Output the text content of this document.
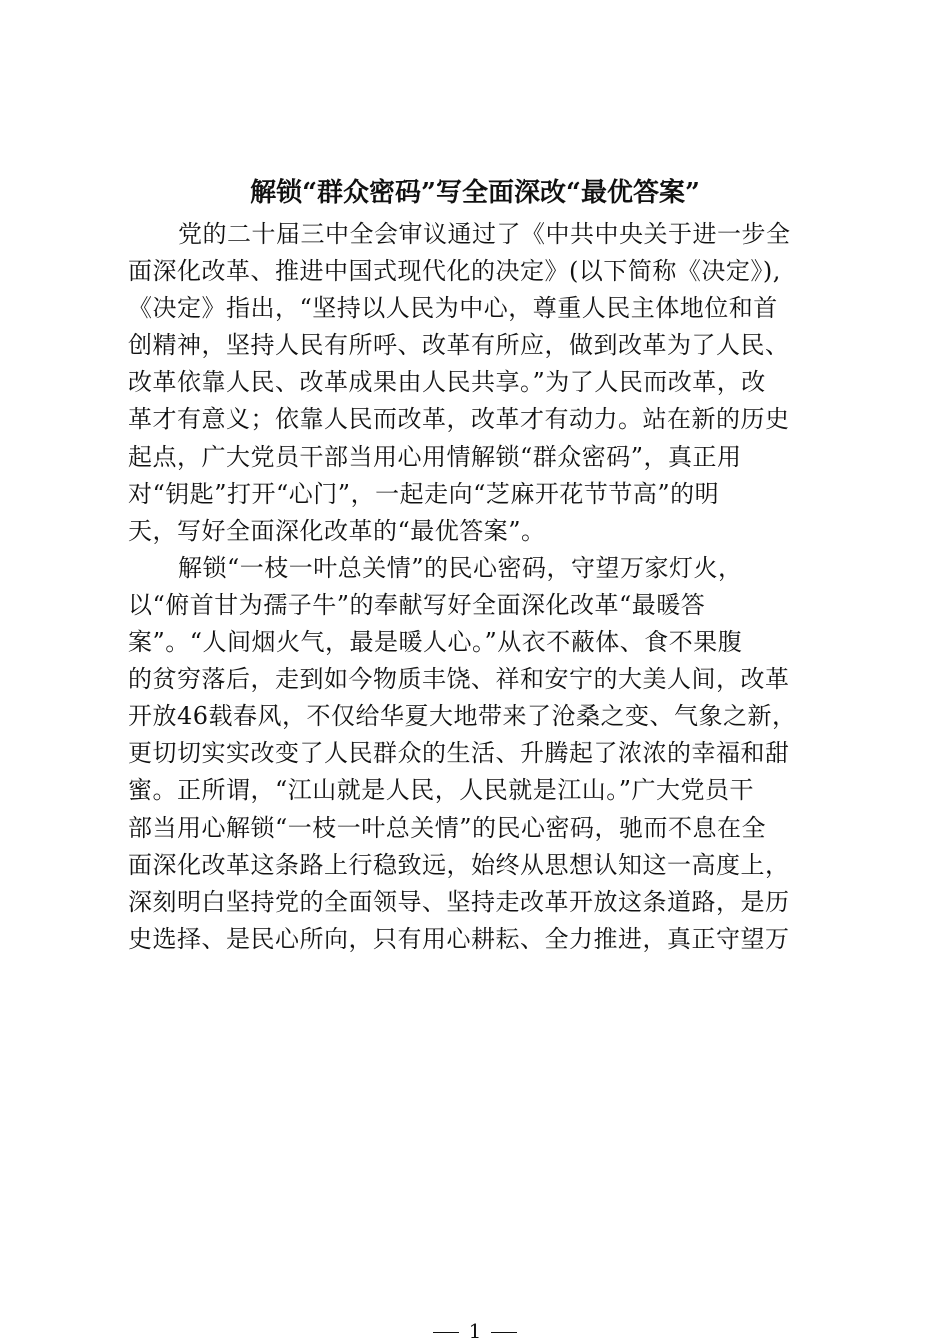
解锁“群众密码”写全面深改“最优答案”
党的二十届三中全会审议通过了《中共中央关于进一步全
面深化改革、推进中国式现代化的决定》(以下简称《决定》),
《决定》指出，“坚持以人民为中心，尊重人民主体地位和首
创精神，坚持人民有所呼、改革有所应，做到改革为了人民、
改革依靠人民、改革成果由人民共享。”为了人民而改革，改
革才有意义；依靠人民而改革，改革才有动力。站在新的历史
起点，广大党员干部当用心用情解锁“群众密码”，真正用
对“钥匙”打开“心门”，一起走向“芝麻开花节节高”的明
天，写好全面深化改革的“最优答案”。
解锁“一枝一叶总关情”的民心密码，守望万家灯火，
以“俯首甘为孺子牛”的奉献写好全面深化改革“最暖答
案”。“人间烟火气，最是暖人心。”从衣不蔽体、食不果腹
的贫穷落后，走到如今物质丰饶、祥和安宁的大美人间，改革
开放46载春风，不仅给华夏大地带来了沧桑之变、气象之新，
更切切实实改变了人民群众的生活、升腾起了浓浓的幸福和甜
蜜。正所谓，“江山就是人民，人民就是江山。”广大党员干
部当用心解锁“一枝一叶总关情”的民心密码，驰而不息在全
面深化改革这条路上行稳致远，始终从思想认知这一高度上，
深刻明白坚持党的全面领导、坚持走改革开放这条道路，是历
史选择、是民心所向，只有用心耕耘、全力推进，真正守望万
1
